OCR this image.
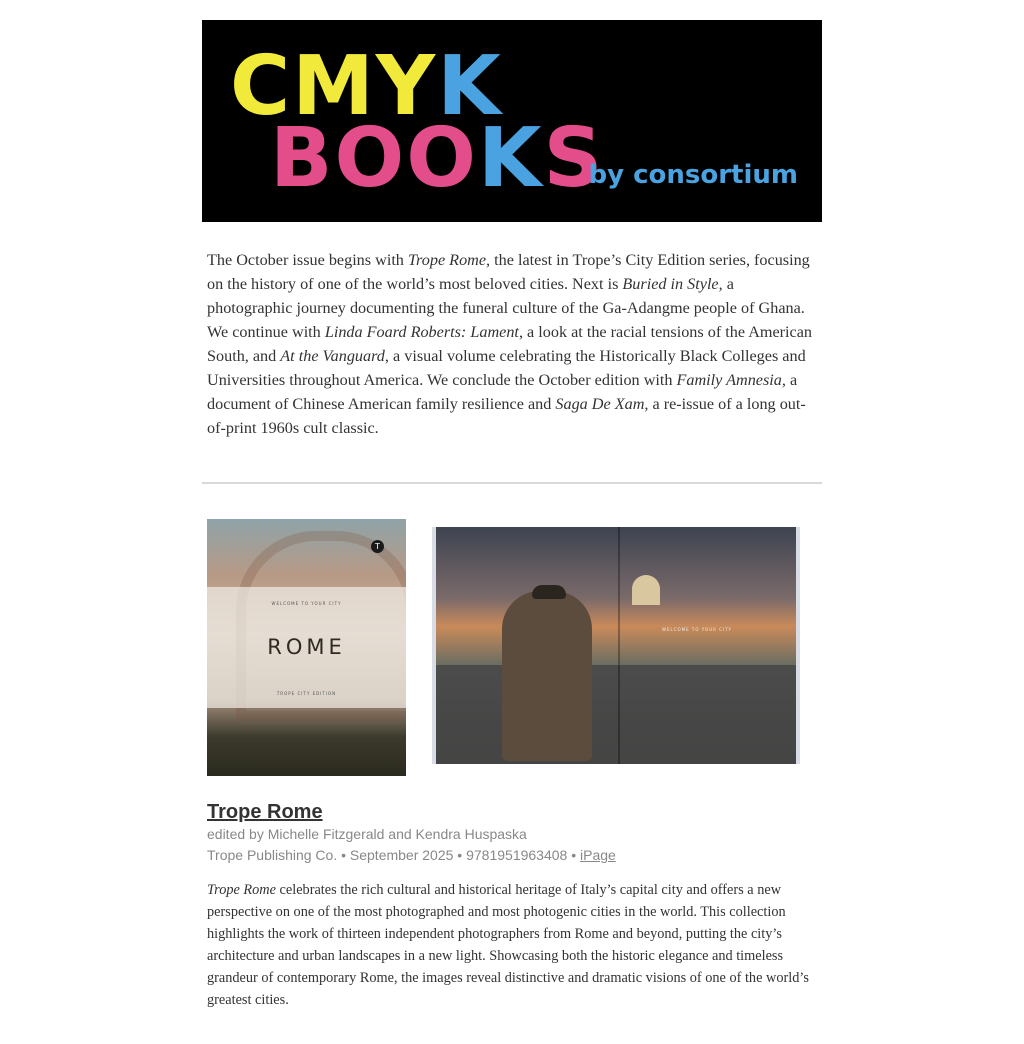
CMYK
BOOKS
by consortium
The October issue begins with Trope Rome, the latest in Trope’s City Edition series, focusing on the history of one of the world’s most beloved cities. Next is Buried in Style, a photographic journey documenting the funeral culture of the Ga-Adangme people of Ghana. We continue with Linda Foard Roberts: Lament, a look at the racial tensions of the American South, and At the Vanguard, a visual volume celebrating the Historically Black Colleges and Universities throughout America. We conclude the October edition with Family Amnesia, a document of Chinese American family resilience and Saga De Xam, a re-issue of a long out-of-print 1960s cult classic.
T
WELCOME TO YOUR CITY
ROME
TROPE CITY EDITION
WELCOME TO YOUR CITY
Trope Rome
edited by Michelle Fitzgerald and Kendra Huspaska
Trope Publishing Co. • September 2025 • 9781951963408 • iPage
Trope Rome celebrates the rich cultural and historical heritage of Italy’s capital city and offers a new perspective on one of the most photographed and most photogenic cities in the world. This collection highlights the work of thirteen independent photographers from Rome and beyond, putting the city’s architecture and urban landscapes in a new light. Showcasing both the historic elegance and timeless grandeur of contemporary Rome, the images reveal distinctive and dramatic visions of one of the world’s greatest cities.
